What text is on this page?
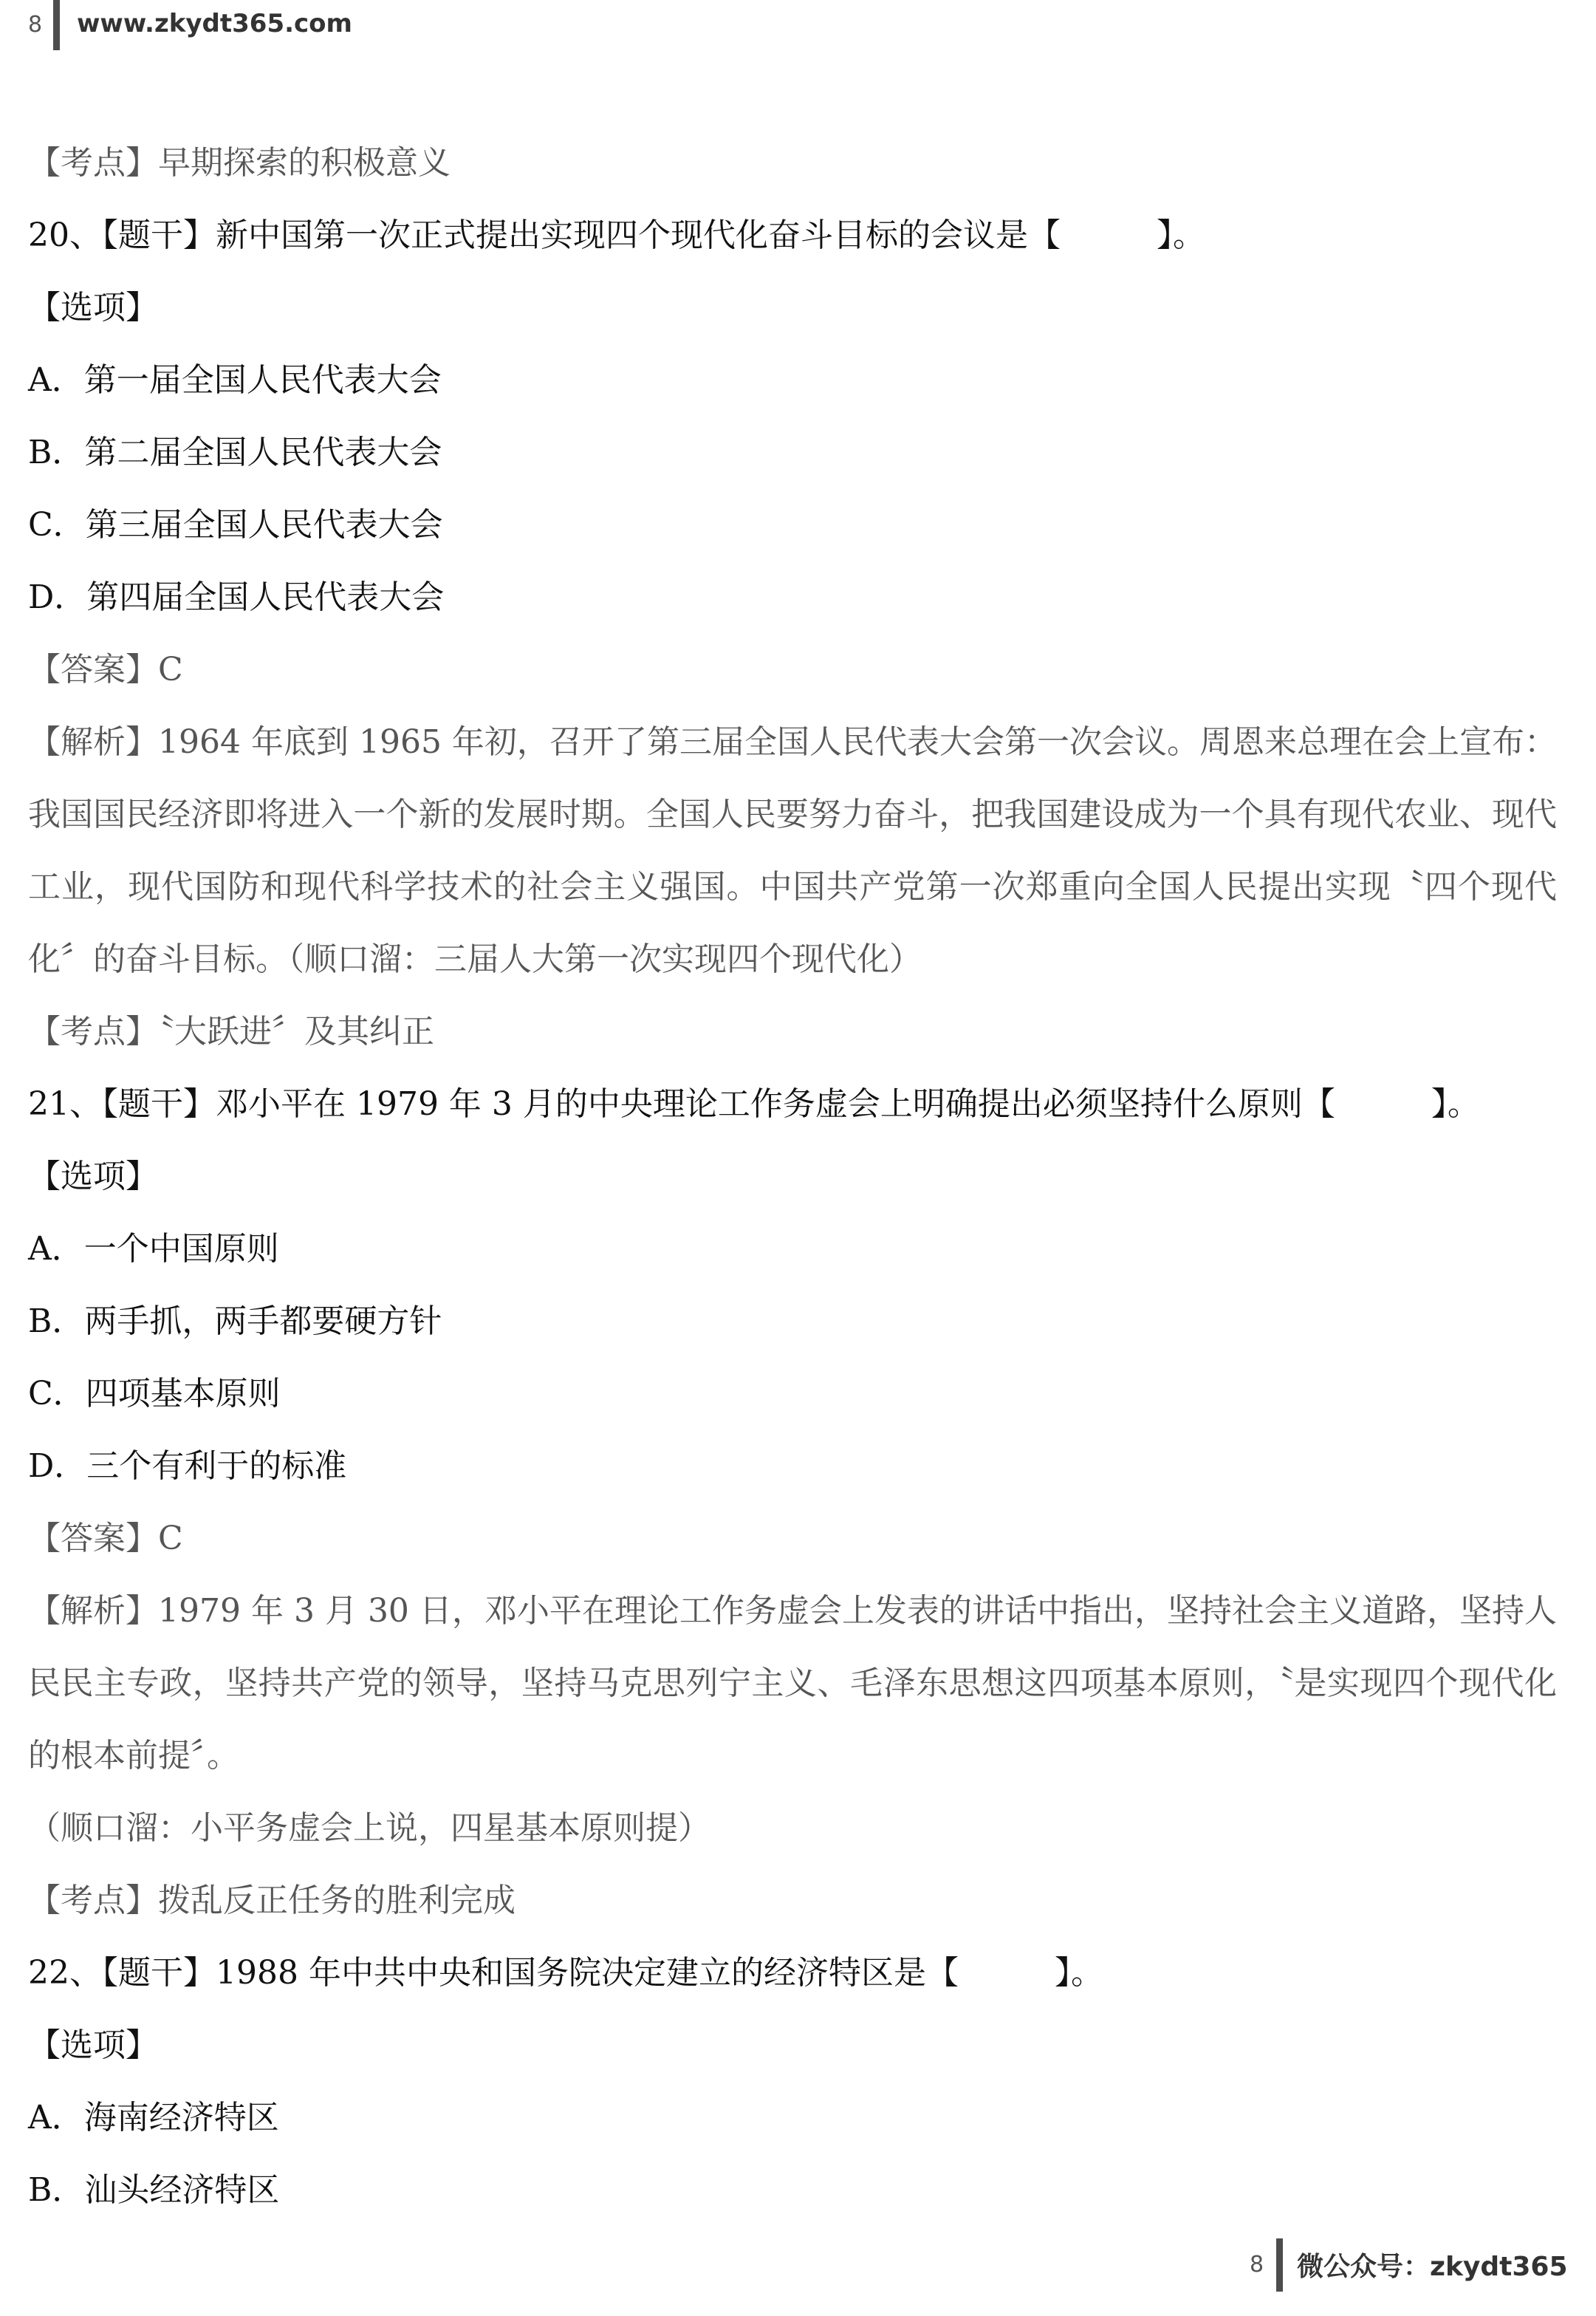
8 www.zkydt365.com
【考点】早期探索的积极意义
20、【题干】新中国第一次正式提出实现四个现代化奋斗目标的会议是【	】。
【选项】
A．第一届全国人民代表大会
B．第二届全国人民代表大会
C．第三届全国人民代表大会
D．第四届全国人民代表大会
【答案】C
【解析】1964 年底到 1965 年初，召开了第三届全国人民代表大会第一次会议。周恩来总理在会上宣布：我国国民经济即将进入一个新的发展时期。全国人民要努力奋斗，把我国建设成为一个具有现代农业、现代工业，现代国防和现代科学技术的社会主义强国。中国共产党第一次郑重向全国人民提出实现〝四个现代化〞的奋斗目标。（顺口溜：三届人大第一次实现四个现代化）
【考点】〝大跃进〞及其纠正
21、【题干】邓小平在 1979 年 3 月的中央理论工作务虚会上明确提出必须坚持什么原则【	】。
【选项】
A．一个中国原则
B．两手抓，两手都要硬方针
C．四项基本原则
D．三个有利于的标准
【答案】C
【解析】1979 年 3 月 30 日，邓小平在理论工作务虚会上发表的讲话中指出，坚持社会主义道路，坚持人民民主专政，坚持共产党的领导，坚持马克思列宁主义、毛泽东思想这四项基本原则，〝是实现四个现代化的根本前提〞。
（顺口溜：小平务虚会上说，四星基本原则提）
【考点】拨乱反正任务的胜利完成
22、【题干】1988 年中共中央和国务院决定建立的经济特区是【	】。
【选项】
A．海南经济特区
B．汕头经济特区
8 微公众号：zkydt365
